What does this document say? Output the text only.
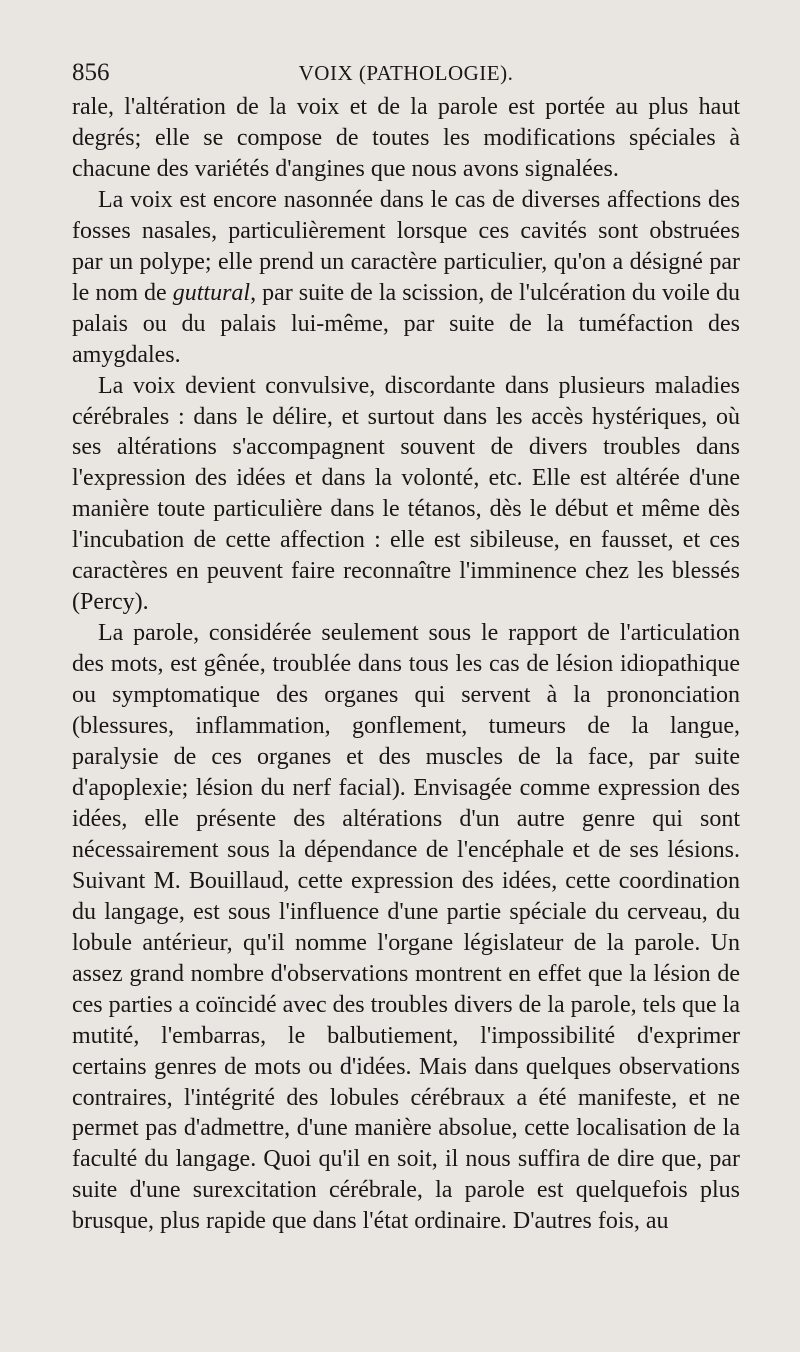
856	VOIX (PATHOLOGIE).

rale, l'altération de la voix et de la parole est portée au plus haut degrés; elle se compose de toutes les modifications spéciales à chacune des variétés d'angines que nous avons signalées.

La voix est encore nasonnée dans le cas de diverses affections des fosses nasales, particulièrement lorsque ces cavités sont obstruées par un polype; elle prend un caractère particulier, qu'on a désigné par le nom de guttural, par suite de la scission, de l'ulcération du voile du palais ou du palais lui-même, par suite de la tuméfaction des amygdales.

La voix devient convulsive, discordante dans plusieurs maladies cérébrales : dans le délire, et surtout dans les accès hystériques, où ses altérations s'accompagnent souvent de divers troubles dans l'expression des idées et dans la volonté, etc. Elle est altérée d'une manière toute particulière dans le tétanos, dès le début et même dès l'incubation de cette affection : elle est sibileuse, en fausset, et ces caractères en peuvent faire reconnaître l'imminence chez les blessés (Percy).

La parole, considérée seulement sous le rapport de l'articulation des mots, est gênée, troublée dans tous les cas de lésion idiopathique ou symptomatique des organes qui servent à la prononciation (blessures, inflammation, gonflement, tumeurs de la langue, paralysie de ces organes et des muscles de la face, par suite d'apoplexie; lésion du nerf facial). Envisagée comme expression des idées, elle présente des altérations d'un autre genre qui sont nécessairement sous la dépendance de l'encéphale et de ses lésions. Suivant M. Bouillaud, cette expression des idées, cette coordination du langage, est sous l'influence d'une partie spéciale du cerveau, du lobule antérieur, qu'il nomme l'organe législateur de la parole. Un assez grand nombre d'observations montrent en effet que la lésion de ces parties a coïncidé avec des troubles divers de la parole, tels que la mutité, l'embarras, le balbutiement, l'impossibilité d'exprimer certains genres de mots ou d'idées. Mais dans quelques observations contraires, l'intégrité des lobules cérébraux a été manifeste, et ne permet pas d'admettre, d'une manière absolue, cette localisation de la faculté du langage. Quoi qu'il en soit, il nous suffira de dire que, par suite d'une surexcitation cérébrale, la parole est quelquefois plus brusque, plus rapide que dans l'état ordinaire. D'autres fois, au
